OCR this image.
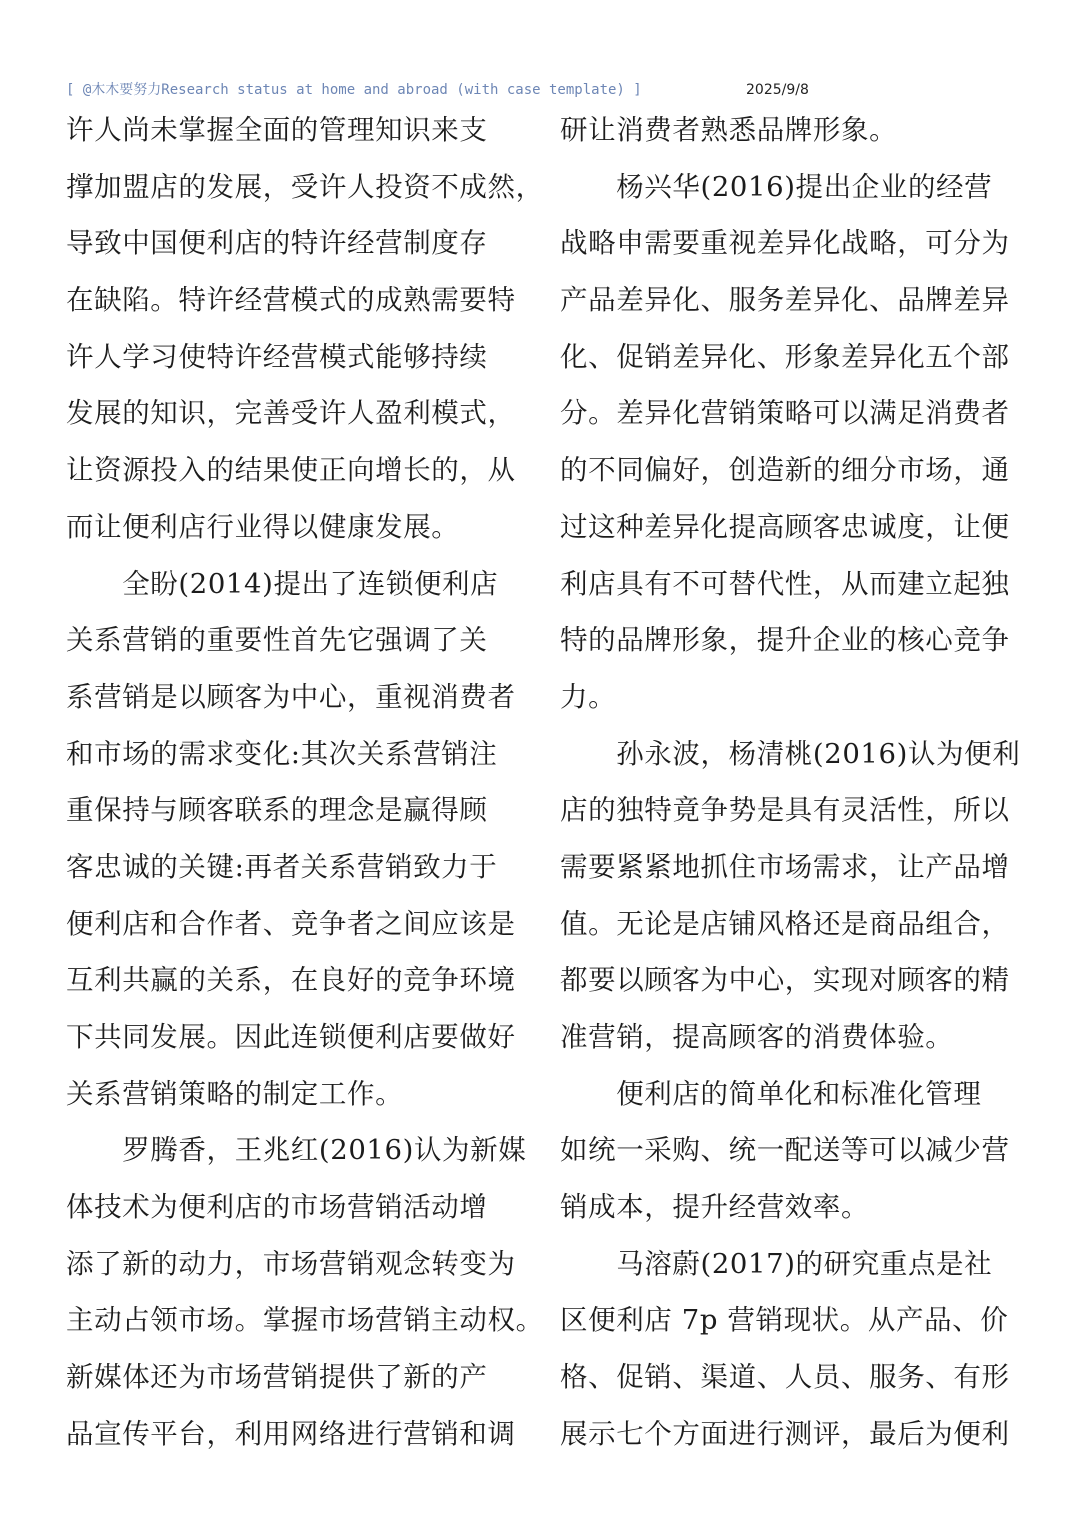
[ @木木要努力Research status at home and abroad (with case template) ]	2025/9/8
许人尚未掌握全面的管理知识来支
撑加盟店的发展，受许人投资不成然，
导致中国便利店的特许经营制度存
在缺陷。特许经营模式的成熟需要特
许人学习使特许经营模式能够持续
发展的知识，完善受许人盈利模式，
让资源投入的结果使正向增长的，从
而让便利店行业得以健康发展。
　　全盼(2014)提出了连锁便利店
关系营销的重要性首先它强调了关
系营销是以顾客为中心，重视消费者
和市场的需求变化:其次关系营销注
重保持与顾客联系的理念是赢得顾
客忠诚的关键:再者关系营销致力于
便利店和合作者、竞争者之间应该是
互利共赢的关系，在良好的竞争环境
下共同发展。因此连锁便利店要做好
关系营销策略的制定工作。
　　罗腾香，王兆红(2016)认为新媒
体技术为便利店的市场营销活动增
添了新的动力，市场营销观念转变为
主动占领市场。掌握市场营销主动权。
新媒体还为市场营销提供了新的产
品宣传平台，利用网络进行营销和调
研让消费者熟悉品牌形象。
　　杨兴华(2016)提出企业的经营
战略申需要重视差异化战略，可分为
产品差异化、服务差异化、品牌差异
化、促销差异化、形象差异化五个部
分。差异化营销策略可以满足消费者
的不同偏好，创造新的细分市场，通
过这种差异化提高顾客忠诚度，让便
利店具有不可替代性，从而建立起独
特的品牌形象，提升企业的核心竞争
力。
　　孙永波，杨清桃(2016)认为便利
店的独特竟争势是具有灵活性，所以
需要紧紧地抓住市场需求，让产品增
值。无论是店铺风格还是商品组合，
都要以顾客为中心，实现对顾客的精
准营销，提高顾客的消费体验。
　　便利店的简单化和标准化管理
如统一采购、统一配送等可以减少营
销成本，提升经营效率。
　　马溶蔚(2017)的研究重点是社
区便利店 7p 营销现状。从产品、价
格、促销、渠道、人员、服务、有形
展示七个方面进行测评，最后为便利
